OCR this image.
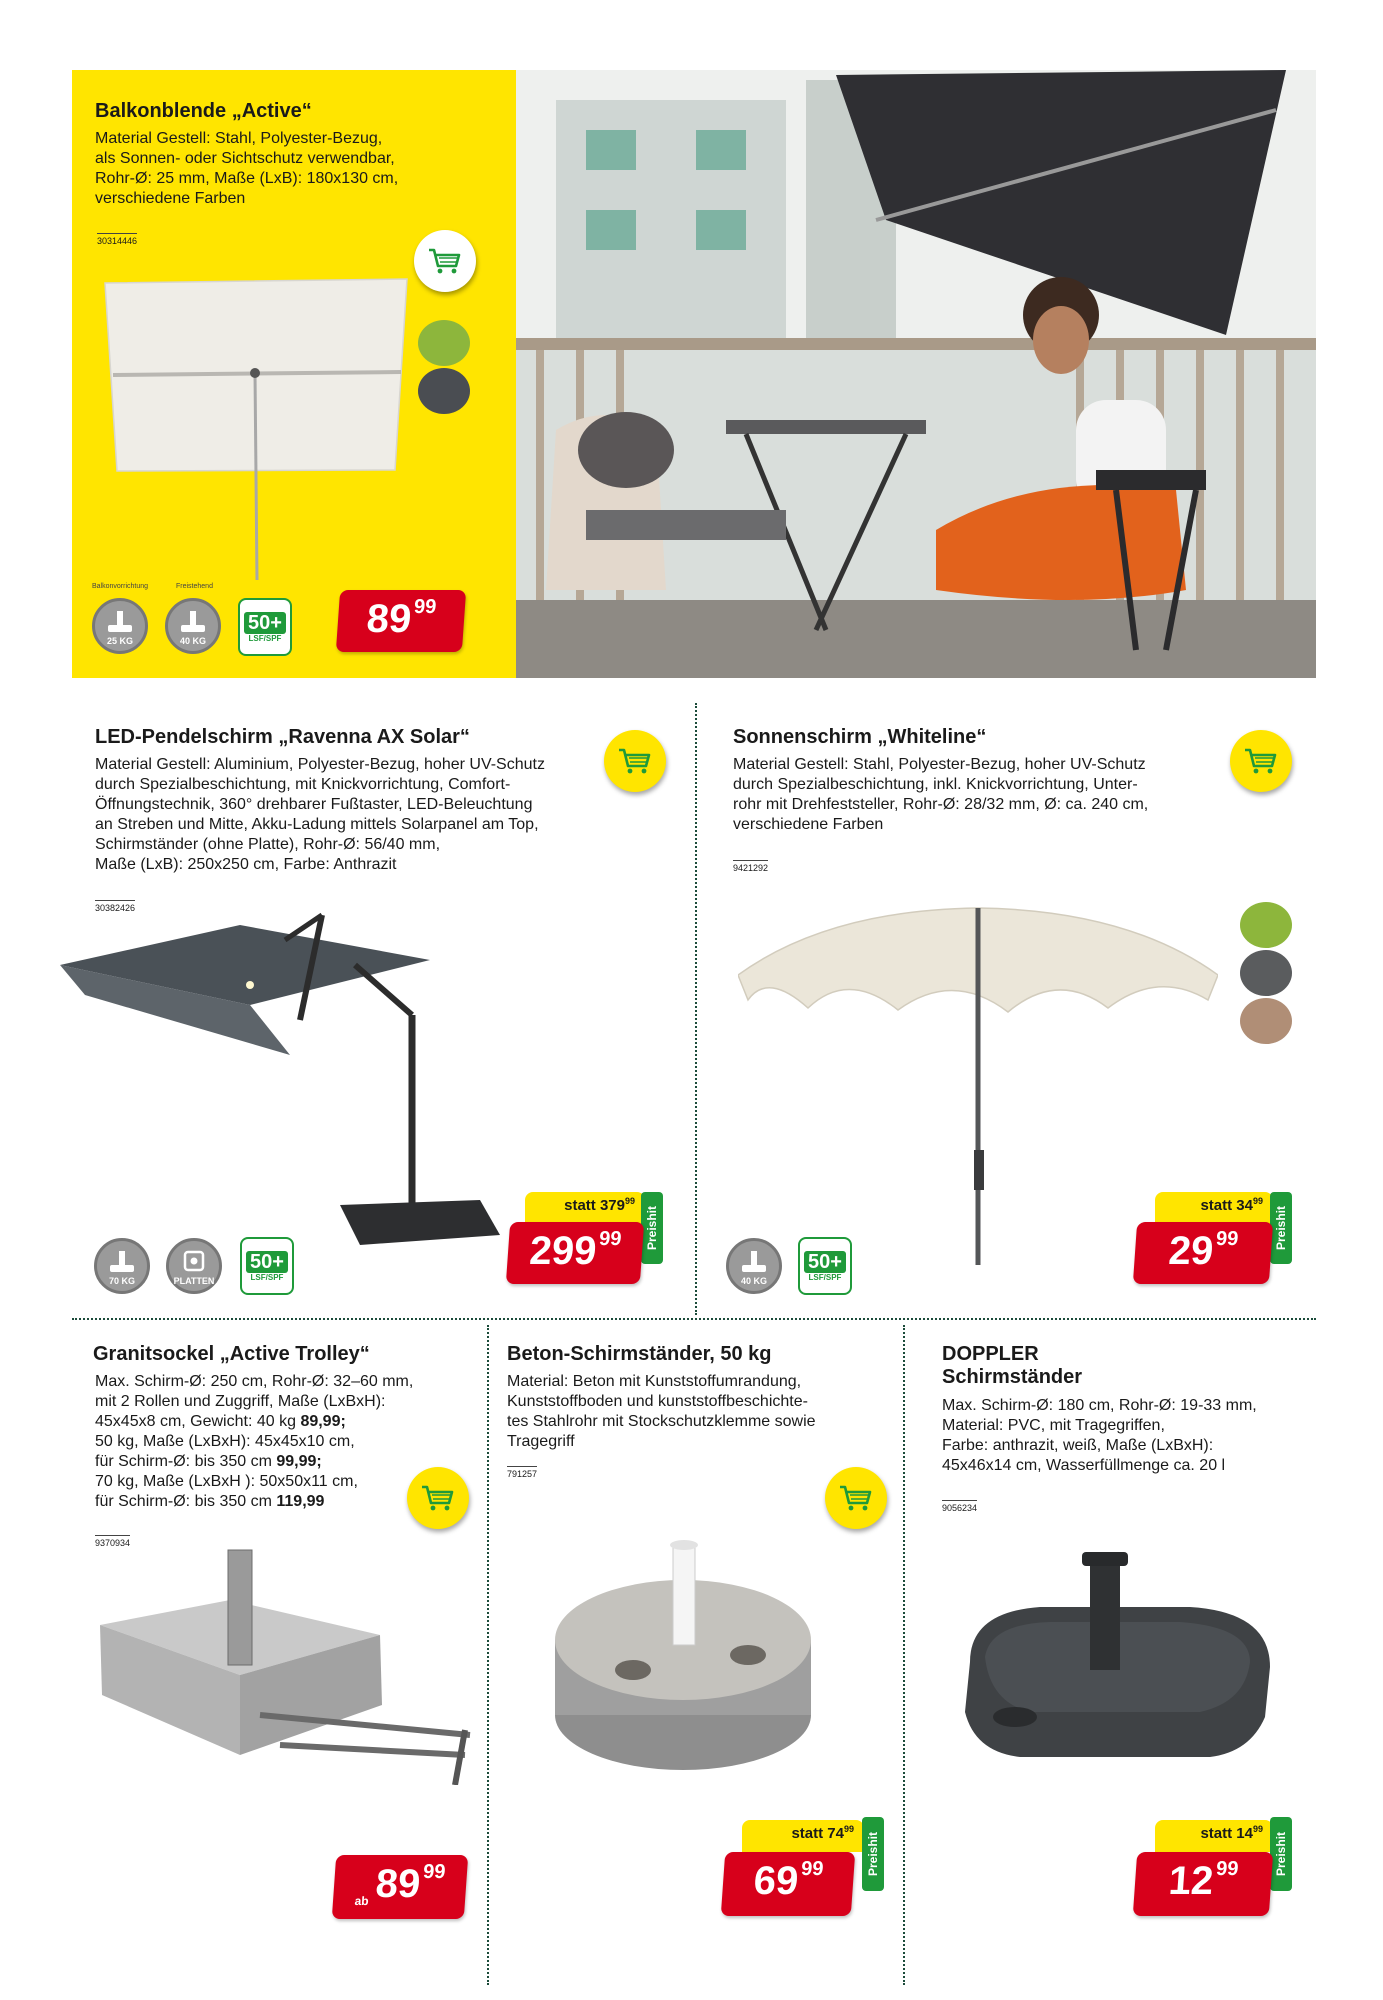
Balkonblende „Active“

Material Gestell: Stahl, Polyester-Bezug,
als Sonnen- oder Sichtschutz verwendbar,
Rohr-Ø: 25 mm, Maße (LxB): 180x130 cm,
verschiedene Farben

30314446
Balkonvorrichtung	Freistehend
25 KG	40 KG
50+
LSF/SPF 89 99
LED-Pendelschirm „Ravenna AX Solar“

Material Gestell: Aluminium, Polyester-Bezug, hoher UV-Schutz
durch Spezialbeschichtung, mit Knickvorrichtung, Comfort-
Öffnungstechnik, 360° drehbarer Fußtaster, LED-Beleuchtung
an Streben und Mitte, Akku-Ladung mittels Solarpanel am Top,
Schirmständer (ohne Platte), Rohr-Ø: 56/40 mm,
Maße (LxB): 250x250 cm, Farbe: Anthrazit

30382426
70 KG	PLATTEN
50+
LSF/SPF
statt $379^{99}$
Preishit
299 99
Sonnenschirm „Whiteline“

Material Gestell: Stahl, Polyester-Bezug, hoher UV-Schutz
durch Spezialbeschichtung, inkl. Knickvorrichtung, Unter-
rohr mit Drehfeststeller, Rohr-Ø: 28/32 mm, Ø: ca. 240 cm,
verschiedene Farben

9421292
40 KG
50+
LSF/SPF
statt $34^{99}$
Preishit
29 99
Granitsockel „Active Trolley“
Max. Schirm-Ø: 250 cm, Rohr-Ø: 32–60 mm,
mit 2 Rollen und Zuggriff, Maße (LxBxH):
45x45x8 cm, Gewicht: 40 kg 89,99;
50 kg, Maße (LxBxH): 45x45x10 cm,
für Schirm-Ø: bis 350 cm 99,99;
70 kg, Maße (LxBxH ): 50x50x11 cm,
für Schirm-Ø: bis 350 cm 119,99
9370934
ab 89 99
Beton-Schirmständer, 50 kg

Material: Beton mit Kunststoffumrandung,
Kunststoffboden und kunststoffbeschichte-
tes Stahlrohr mit Stockschutzklemme sowie
Tragegriff

791257
statt $74^{99}$
Preishit
69 99
DOPPLER
Schirmständer

Max. Schirm-Ø: 180 cm, Rohr-Ø: 19-33 mm,
Material: PVC, mit Tragegriffen,
Farbe: anthrazit, weiß, Maße (LxBxH):
45x46x14 cm, Wasserfüllmenge ca. 20 l

9056234
statt $14^{99}$
Preishit
12 99
